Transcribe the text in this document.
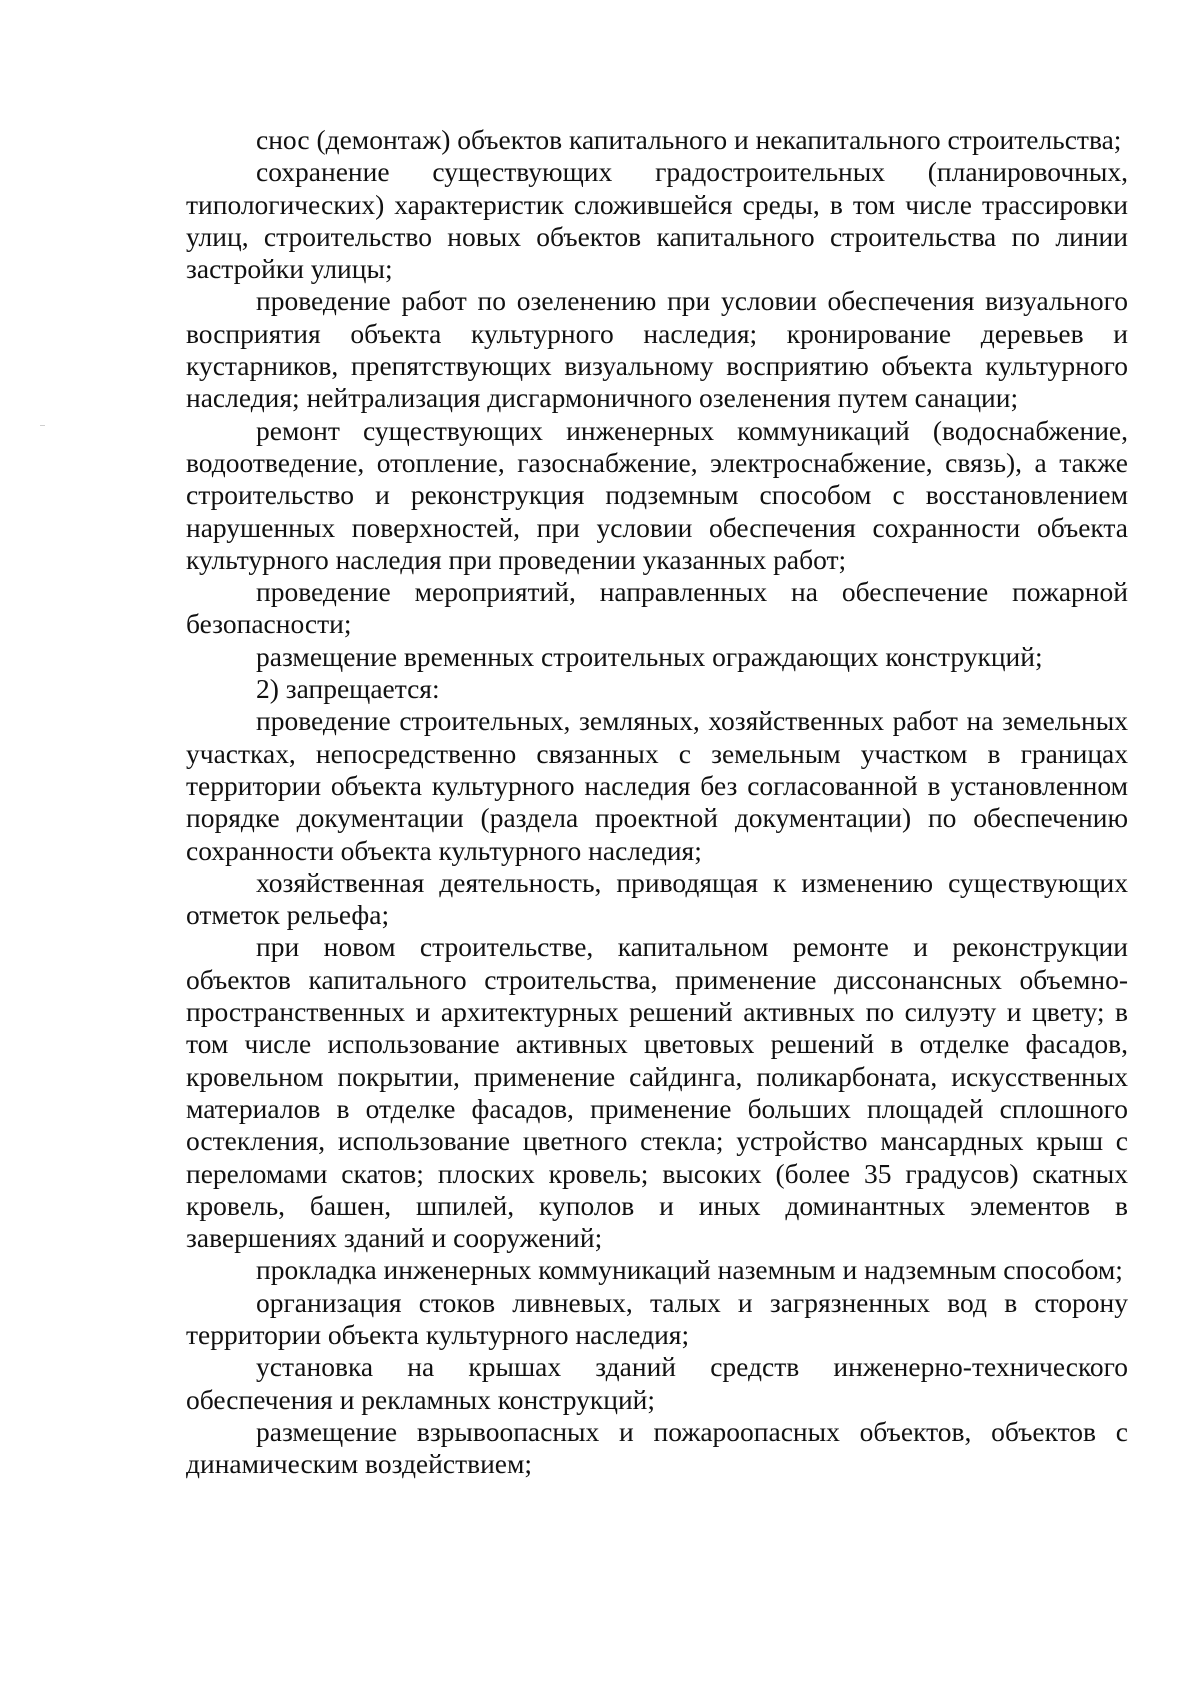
снос (демонтаж) объектов капитального и некапитального строительства;

сохранение существующих градостроительных (планировочных, типологических) характеристик сложившейся среды, в том числе трассировки улиц, строительство новых объектов капитального строительства по линии застройки улицы;

проведение работ по озеленению при условии обеспечения визуального восприятия объекта культурного наследия; кронирование деревьев и кустарников, препятствующих визуальному восприятию объекта культурного наследия; нейтрализация дисгармоничного озеленения путем санации;

ремонт существующих инженерных коммуникаций (водоснабжение, водоотведение, отопление, газоснабжение, электроснабжение, связь), а также строительство и реконструкция подземным способом с восстановлением нарушенных поверхностей, при условии обеспечения сохранности объекта культурного наследия при проведении указанных работ;

проведение мероприятий, направленных на обеспечение пожарной безопасности;

размещение временных строительных ограждающих конструкций;

2) запрещается:

проведение строительных, земляных, хозяйственных работ на земельных участках, непосредственно связанных с земельным участком в границах территории объекта культурного наследия без согласованной в установленном порядке документации (раздела проектной документации) по обеспечению сохранности объекта культурного наследия;

хозяйственная деятельность, приводящая к изменению существующих отметок рельефа;

при новом строительстве, капитальном ремонте и реконструкции объектов капитального строительства, применение диссонансных объемно-пространственных и архитектурных решений активных по силуэту и цвету; в том числе использование активных цветовых решений в отделке фасадов, кровельном покрытии, применение сайдинга, поликарбоната, искусственных материалов в отделке фасадов, применение больших площадей сплошного остекления, использование цветного стекла; устройство мансардных крыш с переломами скатов; плоских кровель; высоких (более 35 градусов) скатных кровель, башен, шпилей, куполов и иных доминантных элементов в завершениях зданий и сооружений;

прокладка инженерных коммуникаций наземным и надземным способом;

организация стоков ливневых, талых и загрязненных вод в сторону территории объекта культурного наследия;

установка на крышах зданий средств инженерно-технического обеспечения и рекламных конструкций;

размещение взрывоопасных и пожароопасных объектов, объектов с динамическим воздействием;
